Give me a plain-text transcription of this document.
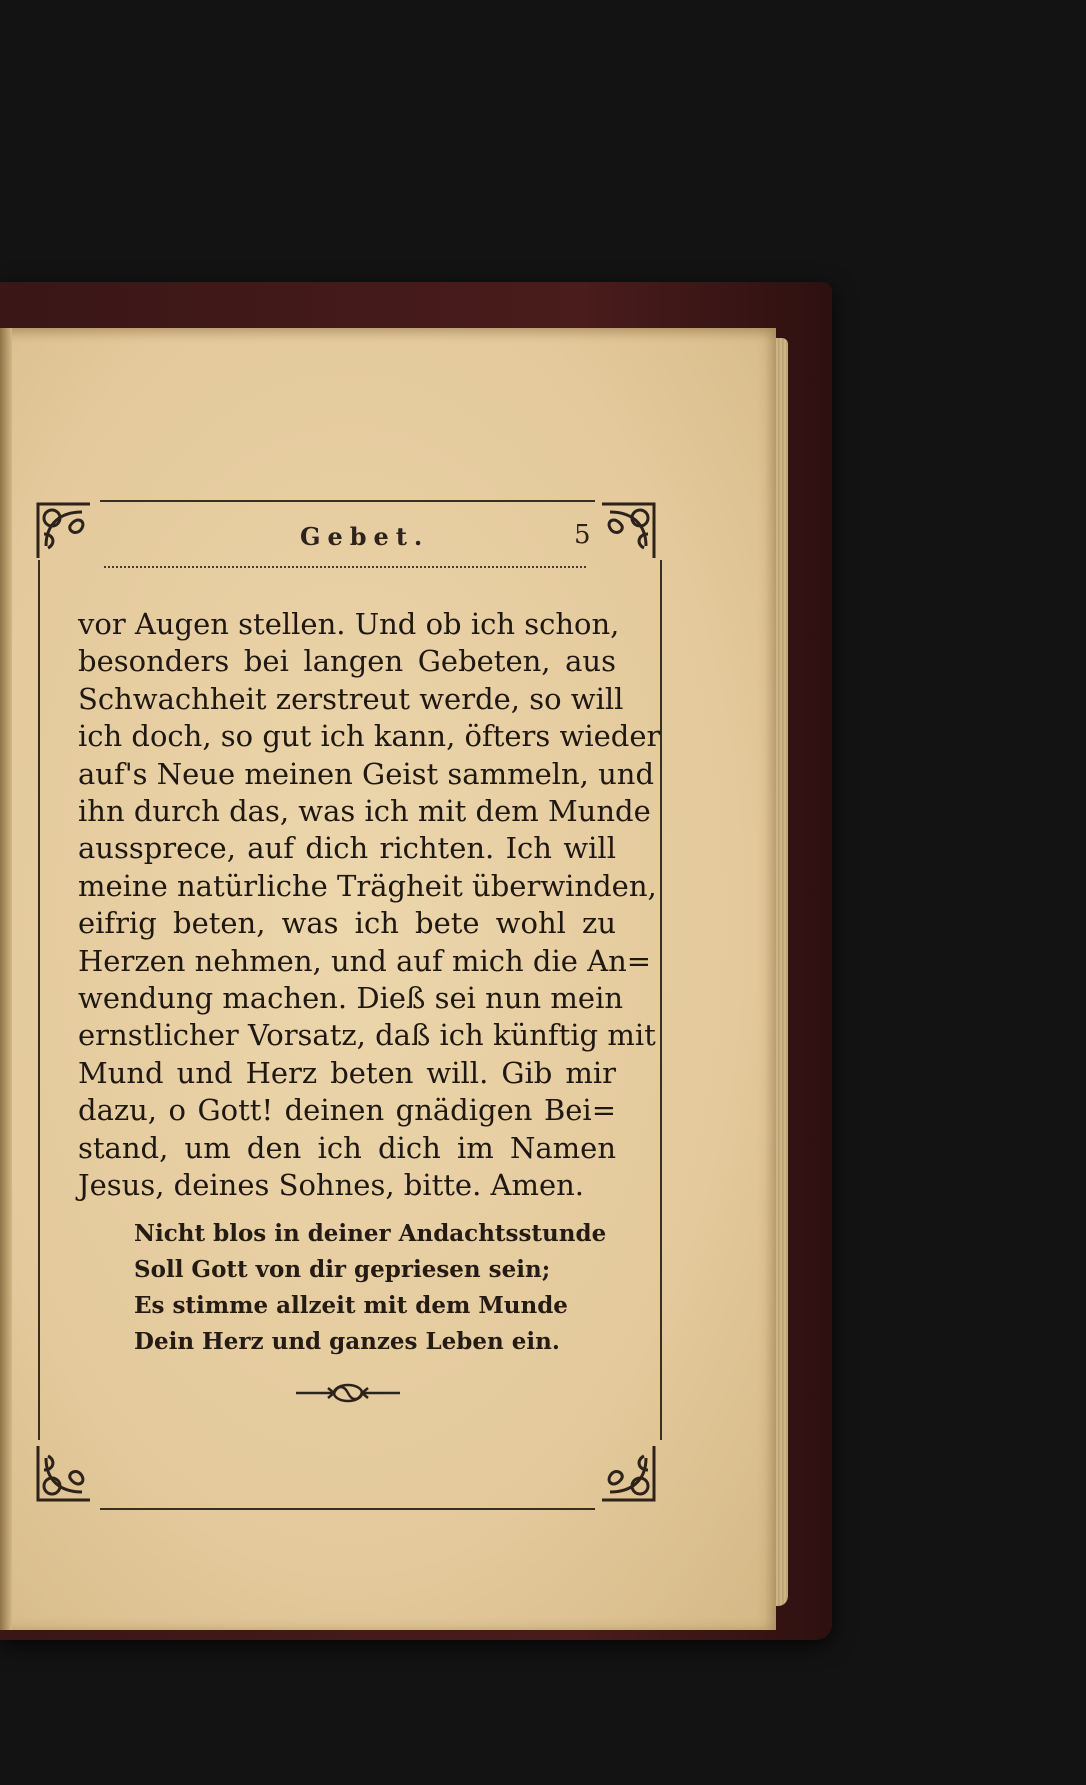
Gebet.	5
vor Augen stellen. Und ob ich schon,
besonders bei langen Gebeten, aus
Schwachheit zerstreut werde, so will
ich doch, so gut ich kann, öfters wieder
auf's Neue meinen Geist sammeln, und
ihn durch das, was ich mit dem Munde
aussprece, auf dich richten. Ich will
meine natürliche Trägheit überwinden,
eifrig beten, was ich bete wohl zu
Herzen nehmen, und auf mich die An=
wendung machen. Dieß sei nun mein
ernstlicher Vorsatz, daß ich künftig mit
Mund und Herz beten will. Gib mir
dazu, o Gott! deinen gnädigen Bei=
stand, um den ich dich im Namen
Jesus, deines Sohnes, bitte. Amen.
Nicht blos in deiner Andachtsstunde
Soll Gott von dir gepriesen sein;
Es stimme allzeit mit dem Munde
Dein Herz und ganzes Leben ein.
